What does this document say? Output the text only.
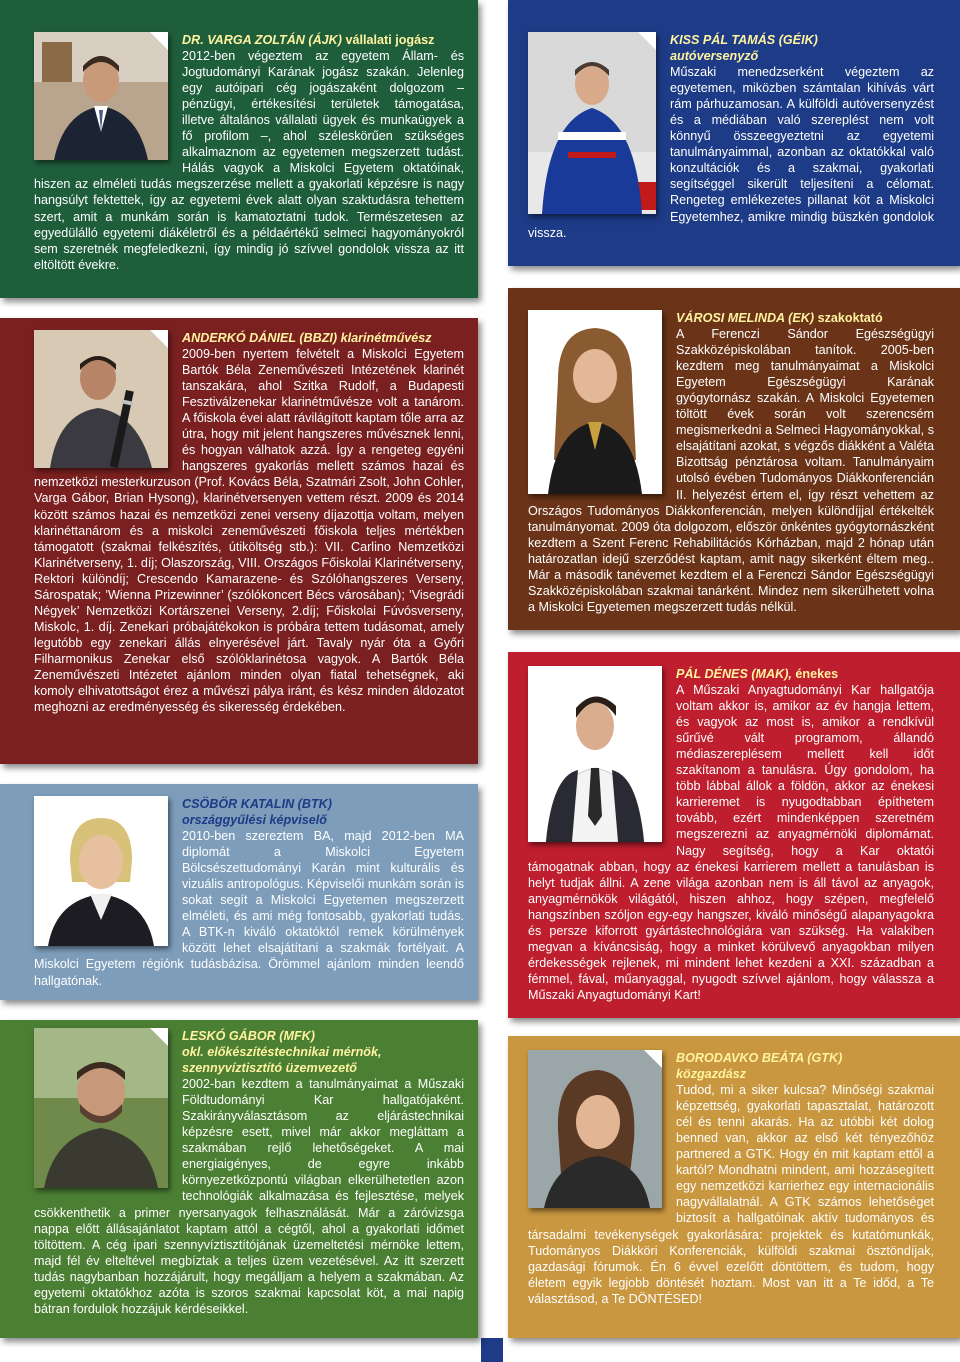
DR. VARGA ZOLTÁN (ÁJK) vállalati jogász
2012-ben végeztem az egyetem Állam- és Jogtudományi Karának jogász szakán. Jelenleg egy autóipari cég jogászaként dolgozom – pénzügyi, értékesítési területek támogatása, illetve általános vállalati ügyek és munkaügyek a fő profilom –, ahol széleskörűen szükséges alkalmaznom az egyetemen megszerzett tudást. Hálás vagyok a Miskolci Egyetem oktatóinak, hiszen az elméleti tudás megszerzése mellett a gyakorlati képzésre is nagy hangsúlyt fektettek, így az egyetemi évek alatt olyan szaktudásra tehettem szert, amit a munkám során is kamatoztatni tudok. Természetesen az egyedülálló egyetemi diákéletről és a példaértékű selmeci hagyományokról sem szeretnék megfeledkezni, így mindig jó szívvel gondolok vissza az itt eltöltött évekre.

KISS PÁL TAMÁS (GÉIK)
autóversenyző
Műszaki menedzserként végeztem az egyetemen, miközben számtalan kihívás várt rám párhuzamosan. A külföldi autóversenyzést és a médiában való szereplést nem volt könnyű összeegyeztetni az egyetemi tanulmányaimmal, azonban az oktatókkal való konzultációk és a szakmai, gyakorlati segítséggel sikerült teljesíteni a célomat. Rengeteg emlékezetes pillanat köt a Miskolci Egyetemhez, amikre mindig büszkén gondolok vissza.

ANDERKÓ DÁNIEL (BBZI) klarinétművész
2009-ben nyertem felvételt a Miskolci Egyetem Bartók Béla Zeneművészeti Intézetének klarinét tanszakára, ahol Szitka Rudolf, a Budapesti Fesztiválzenekar klarinétművésze volt a tanárom. A főiskola évei alatt rávilágított kaptam tőle arra az útra, hogy mit jelent hangszeres művésznek lenni, és hogyan válhatok azzá. Így a rengeteg egyéni hangszeres gyakorlás mellett számos hazai és nemzetközi mesterkurzuson (Prof. Kovács Béla, Szatmári Zsolt, John Cohler, Varga Gábor, Brian Hysong), klarinétversenyen vettem részt. 2009 és 2014 között számos hazai és nemzetközi zenei verseny díjazottja voltam, melyen klarinéttanárom és a miskolci zeneművészeti főiskola teljes mértékben támogatott (szakmai felkészítés, útiköltség stb.): VII. Carlino Nemzetközi Klarinétverseny, 1. díj; Olaszország, VIII. Országos Főiskolai Klarinétverseny, Rektori különdíj; Crescendo Kamarazene- és Szólóhangszeres Verseny, Sárospatak; ’Wienna Prizewinner’ (szólókoncert Bécs városában); ’Visegrádi Négyek’ Nemzetközi Kortárszenei Verseny, 2.díj; Főiskolai Fúvósverseny, Miskolc, 1. díj. Zenekari próbajátékokon is próbára tettem tudásomat, amely legutóbb egy zenekari állás elnyerésével járt. Tavaly nyár óta a Győri Filharmonikus Zenekar első szólóklarinétosa vagyok. A Bartók Béla Zeneművészeti Intézetet ajánlom minden olyan fiatal tehetségnek, aki komoly elhivatottságot érez a művészi pálya iránt, és kész minden áldozatot meghozni az eredményesség és sikeresség érdekében.

VÁROSI MELINDA (EK) szakoktató
A Ferenczi Sándor Egészségügyi Szakközépiskolában tanítok. 2005-ben kezdtem meg tanulmányaimat a Miskolci Egyetem Egészségügyi Karának gyógytornász szakán. A Miskolci Egyetemen töltött évek során volt szerencsém megismerkedni a Selmeci Hagyományokkal, s elsajátítani azokat, s végzős diákként a Valéta Bizottság pénztárosa voltam. Tanulmányaim utolsó évében Tudományos Diákkonferencián II. helyezést értem el, így részt vehettem az Országos Tudományos Diákkonferencián, melyen különdíjjal értékelték tanulmányomat. 2009 óta dolgozom, először önkéntes gyógytornászként kezdtem a Szent Ferenc Rehabilitációs Kórházban, majd 2 hónap után határozatlan idejű szerződést kaptam, amit nagy sikerként éltem meg.. Már a második tanévemet kezdtem el a Ferenczi Sándor Egészségügyi Szakközépiskolában szakmai tanárként. Mindez nem sikerülhetett volna a Miskolci Egyetemen megszerzett tudás nélkül.

CSÖBÖR KATALIN (BTK)
országgyűlési képviselő
2010-ben szereztem BA, majd 2012-ben MA diplomát a Miskolci Egyetem Bölcsészettudományi Karán mint kulturális és vizuális antropológus. Képviselői munkám során is sokat segít a Miskolci Egyetemen megszerzett elméleti, és ami még fontosabb, gyakorlati tudás. A BTK-n kiváló oktatóktól remek körülmények között lehet elsajátítani a szakmák fortélyait. A Miskolci Egyetem régiónk tudásbázisa. Örömmel ajánlom minden leendő hallgatónak.

PÁL DÉNES (MAK), énekes
A Műszaki Anyagtudományi Kar hallgatója voltam akkor is, amikor az év hangja lettem, és vagyok az most is, amikor a rendkívül sűrűvé vált programom, állandó médiaszereplésem mellett kell időt szakítanom a tanulásra. Úgy gondolom, ha több lábbal állok a földön, akkor az énekesi karrieremet is nyugodtabban építhetem tovább, ezért mindenképpen szeretném megszerezni az anyagmérnöki diplomámat. Nagy segítség, hogy a Kar oktatói támogatnak abban, hogy az énekesi karrierem mellett a tanulásban is helyt tudjak állni. A zene világa azonban nem is áll távol az anyagok, anyagmérnökök világától, hiszen ahhoz, hogy szépen, megfelelő hangszínben szóljon egy-egy hangszer, kiváló minőségű alapanyagokra és persze kiforrott gyártástechnológiára van szükség. Ha valakiben megvan a kíváncsiság, hogy a minket körülvevő anyagokban milyen érdekességek rejlenek, mi mindent lehet kezdeni a XXI. században a fémmel, fával, műanyaggal, nyugodt szívvel ajánlom, hogy válassza a Műszaki Anyagtudományi Kart!

LESKÓ GÁBOR (MFK)
okl. előkészítéstechnikai mérnök,
szennyvíztisztító üzemvezető
2002-ban kezdtem a tanulmányaimat a Műszaki Földtudományi Kar hallgatójaként. Szakirányválasztásom az eljárástechnikai képzésre esett, mivel már akkor megláttam a szakmában rejlő lehetőségeket. A mai energiaigényes, de egyre inkább környezetközpontú világban elkerülhetetlen azon technológiák alkalmazása és fejlesztése, melyek csökkenthetik a primer nyersanyagok felhasználását. Már a záróvizsga nappa előtt állásajánlatot kaptam attól a cégtől, ahol a gyakorlati időmet töltöttem. A cég ipari szennyvíztisztítójának üzemeltetési mérnöke lettem, majd fél év elteltével megbíztak a teljes üzem vezetésével. Az itt szerzett tudás nagybanban hozzájárult, hogy megálljam a helyem a szakmában. Az egyetemi oktatókhoz azóta is szoros szakmai kapcsolat köt, a mai napig bátran fordulok hozzájuk kérdéseikkel.

BORODAVKO BEÁTA (GTK)
közgazdász
Tudod, mi a siker kulcsa? Minőségi szakmai képzettség, gyakorlati tapasztalat, határozott cél és tenni akarás. Ha az utóbbi két dolog benned van, akkor az első két tényezőhöz partnered a GTK. Hogy én mit kaptam ettől a kartól? Mondhatni mindent, ami hozzásegített egy nemzetközi karrierhez egy internacionális nagyvállalatnál. A GTK számos lehetőséget biztosít a hallgatóinak aktív tudományos és társadalmi tevékenységek gyakorlására: projektek és kutatómunkák, Tudományos Diákköri Konferenciák, külföldi szakmai ösztöndíjak, gazdasági fórumok. Én 6 évvel ezelőtt döntöttem, és tudom, hogy életem egyik legjobb döntését hoztam. Most van itt a Te időd, a Te választásod, a Te DÖNTÉSED!
